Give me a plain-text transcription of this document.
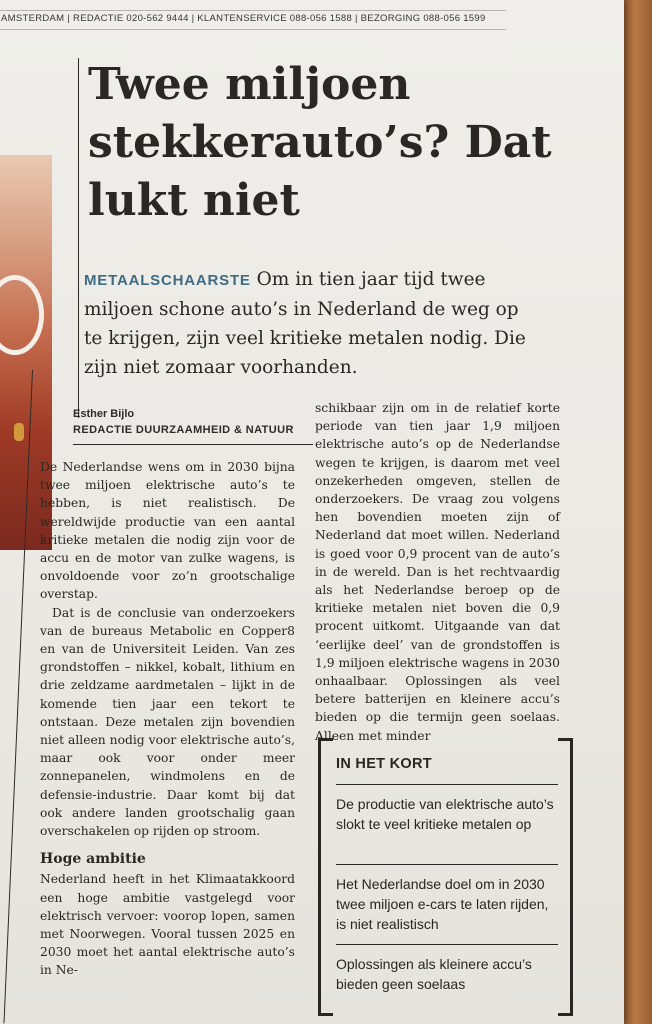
AMSTERDAM | REDACTIE 020-562 9444 | KLANTENSERVICE 088-056 1588 | BEZORGING 088-056 1599
Twee miljoen stekkerauto’s? Dat lukt niet

METAALSCHAARSTE Om in tien jaar tijd twee miljoen schone auto’s in Nederland de weg op te krijgen, zijn veel kritieke metalen nodig. Die zijn niet zomaar voorhanden.

Esther Bijlo
REDACTIE DUURZAAMHEID & NATUUR

De Nederlandse wens om in 2030 bijna twee miljoen elektrische auto’s te hebben, is niet realistisch. De wereldwijde productie van een aantal kritieke metalen die nodig zijn voor de accu en de motor van zulke wagens, is onvoldoende voor zo’n grootschalige overstap.

Dat is de conclusie van onderzoekers van de bureaus Metabolic en Copper8 en van de Universiteit Leiden. Van zes grondstoffen – nikkel, kobalt, lithium en drie zeldzame aardmetalen – lijkt in de komende tien jaar een tekort te ontstaan. Deze metalen zijn bovendien niet alleen nodig voor elektrische auto’s, maar ook voor onder meer zonnepanelen, windmolens en de defensie-industrie. Daar komt bij dat ook andere landen grootschalig gaan overschakelen op rijden op stroom.

Hoge ambitie

Nederland heeft in het Klimaatakkoord een hoge ambitie vastgelegd voor elektrisch vervoer: voorop lopen, samen met Noorwegen. Vooral tussen 2025 en 2030 moet het aantal elektrische auto’s in Ne-

schikbaar zijn om in de relatief korte periode van tien jaar 1,9 miljoen elektrische auto’s op de Nederlandse wegen te krijgen, is daarom met veel onzekerheden omgeven, stellen de onderzoekers. De vraag zou volgens hen bovendien moeten zijn of Nederland dat moet willen. Nederland is goed voor 0,9 procent van de auto’s in de wereld. Dan is het rechtvaardig als het Nederlandse beroep op de kritieke metalen niet boven die 0,9 procent uitkomt. Uitgaande van dat ‘eerlijke deel’ van de grondstoffen is 1,9 miljoen elektrische wagens in 2030 onhaalbaar. Oplossingen als veel betere batterijen en kleinere accu’s bieden op die termijn geen soelaas. Alleen met minder

IN HET KORT
De productie van elektrische auto’s slokt te veel kritieke metalen op
Het Nederlandse doel om in 2030 twee miljoen e-cars te laten rijden, is niet realistisch
Oplossingen als kleinere accu’s bieden geen soelaas
